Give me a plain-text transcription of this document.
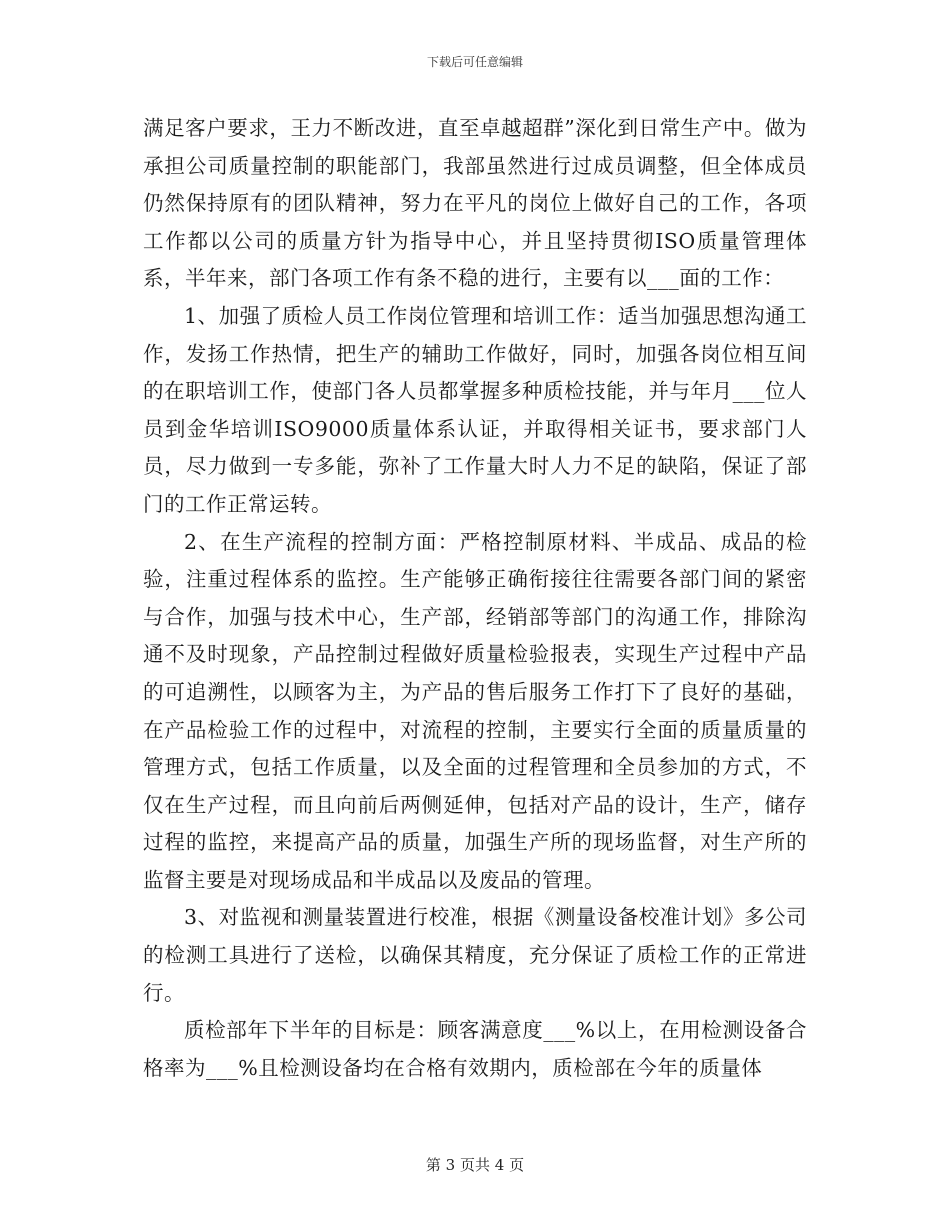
下载后可任意编辑

满足客户要求，王力不断改进，直至卓越超群”深化到日常生产中。做为承担公司质量控制的职能部门，我部虽然进行过成员调整，但全体成员仍然保持原有的团队精神，努力在平凡的岗位上做好自己的工作，各项工作都以公司的质量方针为指导中心，并且坚持贯彻ISO质量管理体系，半年来，部门各项工作有条不稳的进行，主要有以___面的工作：

1、加强了质检人员工作岗位管理和培训工作：适当加强思想沟通工作，发扬工作热情，把生产的辅助工作做好，同时，加强各岗位相互间的在职培训工作，使部门各人员都掌握多种质检技能，并与年月___位人员到金华培训ISO9000质量体系认证，并取得相关证书，要求部门人员，尽力做到一专多能，弥补了工作量大时人力不足的缺陷，保证了部门的工作正常运转。

2、在生产流程的控制方面：严格控制原材料、半成品、成品的检验，注重过程体系的监控。生产能够正确衔接往往需要各部门间的紧密与合作，加强与技术中心，生产部，经销部等部门的沟通工作，排除沟通不及时现象，产品控制过程做好质量检验报表，实现生产过程中产品的可追溯性，以顾客为主，为产品的售后服务工作打下了良好的基础，在产品检验工作的过程中，对流程的控制，主要实行全面的质量质量的管理方式，包括工作质量，以及全面的过程管理和全员参加的方式，不仅在生产过程，而且向前后两侧延伸，包括对产品的设计，生产，储存过程的监控，来提高产品的质量，加强生产所的现场监督，对生产所的监督主要是对现场成品和半成品以及废品的管理。

3、对监视和测量装置进行校准，根据《测量设备校准计划》多公司的检测工具进行了送检，以确保其精度，充分保证了质检工作的正常进行。

质检部年下半年的目标是：顾客满意度___%以上，在用检测设备合格率为___%且检测设备均在合格有效期内，质检部在今年的质量体

第 3 页共 4 页
